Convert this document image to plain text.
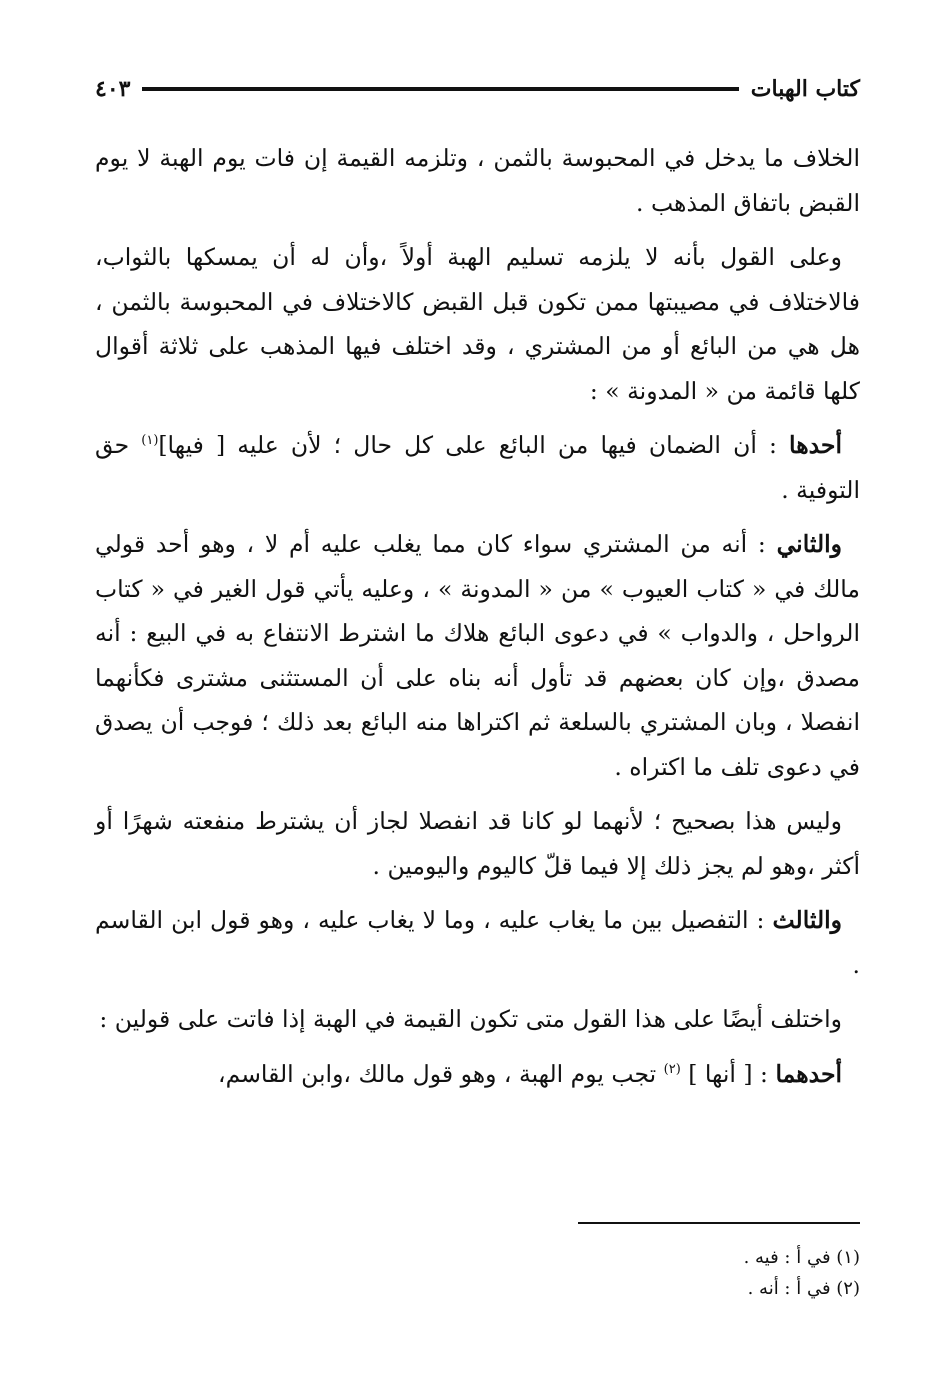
كتاب الهبات
٤٠٣

الخلاف ما يدخل في المحبوسة بالثمن ، وتلزمه القيمة إن فات يوم الهبة لا يوم القبض باتفاق المذهب .

وعلى القول بأنه لا يلزمه تسليم الهبة أولاً ،وأن له أن يمسكها بالثواب، فالاختلاف في مصيبتها ممن تكون قبل القبض كالاختلاف في المحبوسة بالثمن ، هل هي من البائع أو من المشتري ، وقد اختلف فيها المذهب على ثلاثة أقوال كلها قائمة من « المدونة » :

أحدها : أن الضمان فيها من البائع على كل حال ؛ لأن عليه [ فيها]$^{(١)}$ حق التوفية .

والثاني : أنه من المشتري سواء كان مما يغلب عليه أم لا ، وهو أحد قولي مالك في « كتاب العيوب » من « المدونة » ، وعليه يأتي قول الغير في « كتاب الرواحل ، والدواب » في دعوى البائع هلاك ما اشترط الانتفاع به في البيع : أنه مصدق ،وإن كان بعضهم قد تأول أنه بناه على أن المستثنى مشترى فكأنهما انفصلا ، وبان المشتري بالسلعة ثم اكتراها منه البائع بعد ذلك ؛ فوجب أن يصدق في دعوى تلف ما اكتراه .

وليس هذا بصحيح ؛ لأنهما لو كانا قد انفصلا لجاز أن يشترط منفعته شهرًا أو أكثر ،وهو لم يجز ذلك إلا فيما قلّ كاليوم واليومين .

والثالث : التفصيل بين ما يغاب عليه ، وما لا يغاب عليه ، وهو قول ابن القاسم .

واختلف أيضًا على هذا القول متى تكون القيمة في الهبة إذا فاتت على قولين :

أحدهما : [ أنها ] $^{(٢)}$ تجب يوم الهبة ، وهو قول مالك ،وابن القاسم،

(١) في أ : فيه .
(٢) في أ : أنه .
